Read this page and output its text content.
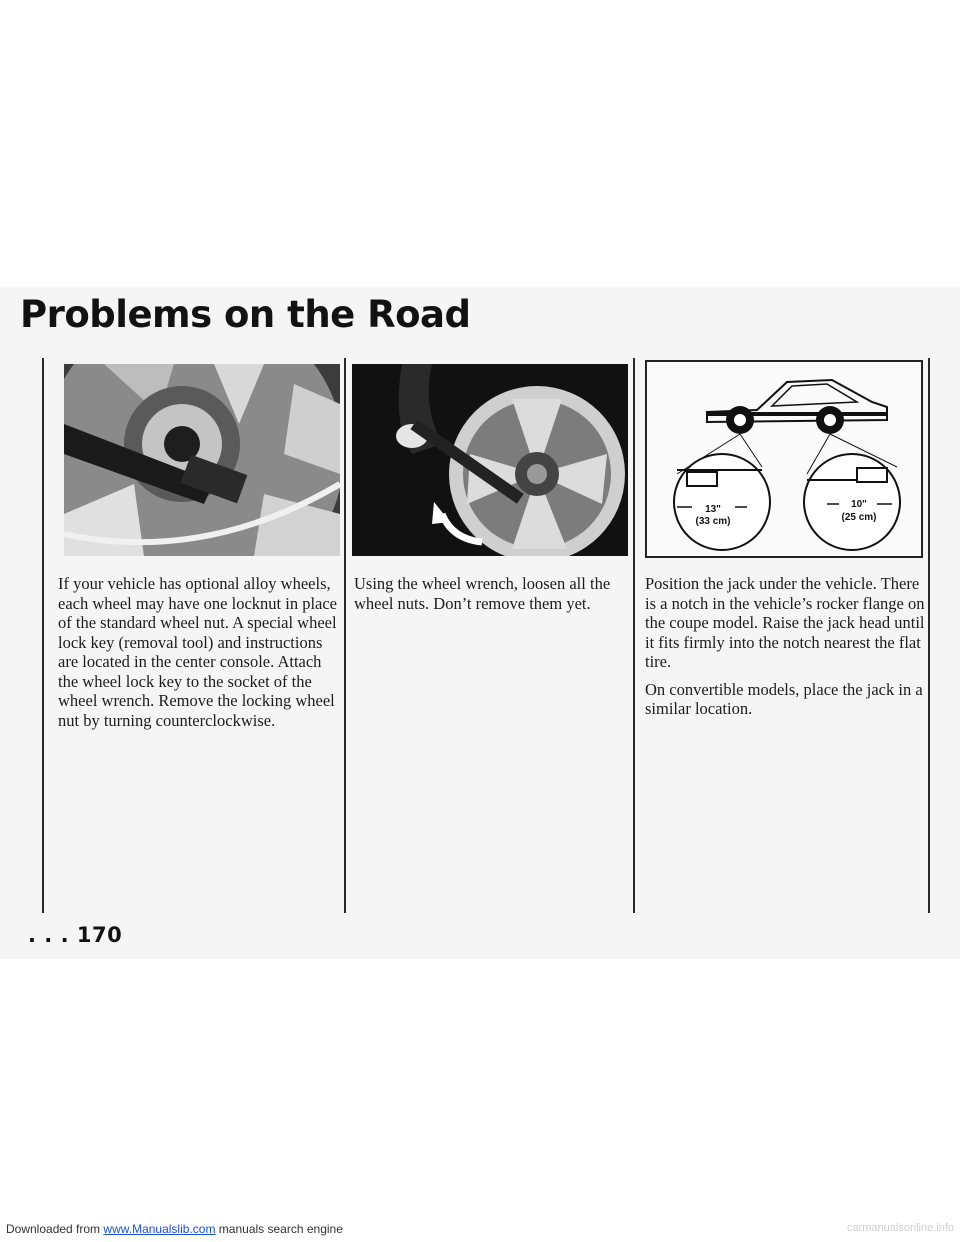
Problems on the Road
13"
(33 cm)
10"
(25 cm)

If your vehicle has optional alloy wheels, each wheel may have one locknut in place of the standard wheel nut. A special wheel lock key (removal tool) and instructions are located in the center console. Attach the wheel lock key to the socket of the wheel wrench. Remove the locking wheel nut by turning counterclockwise.

Using the wheel wrench, loosen all the wheel nuts. Don’t remove them yet.

Position the jack under the vehicle. There is a notch in the vehicle’s rocker flange on the coupe model. Raise the jack head until it fits firmly into the notch nearest the flat tire.

On convertible models, place the jack in a similar location.

. . . 170
Downloaded from www.Manualslib.com manuals search engine	carmanualsonline.info
